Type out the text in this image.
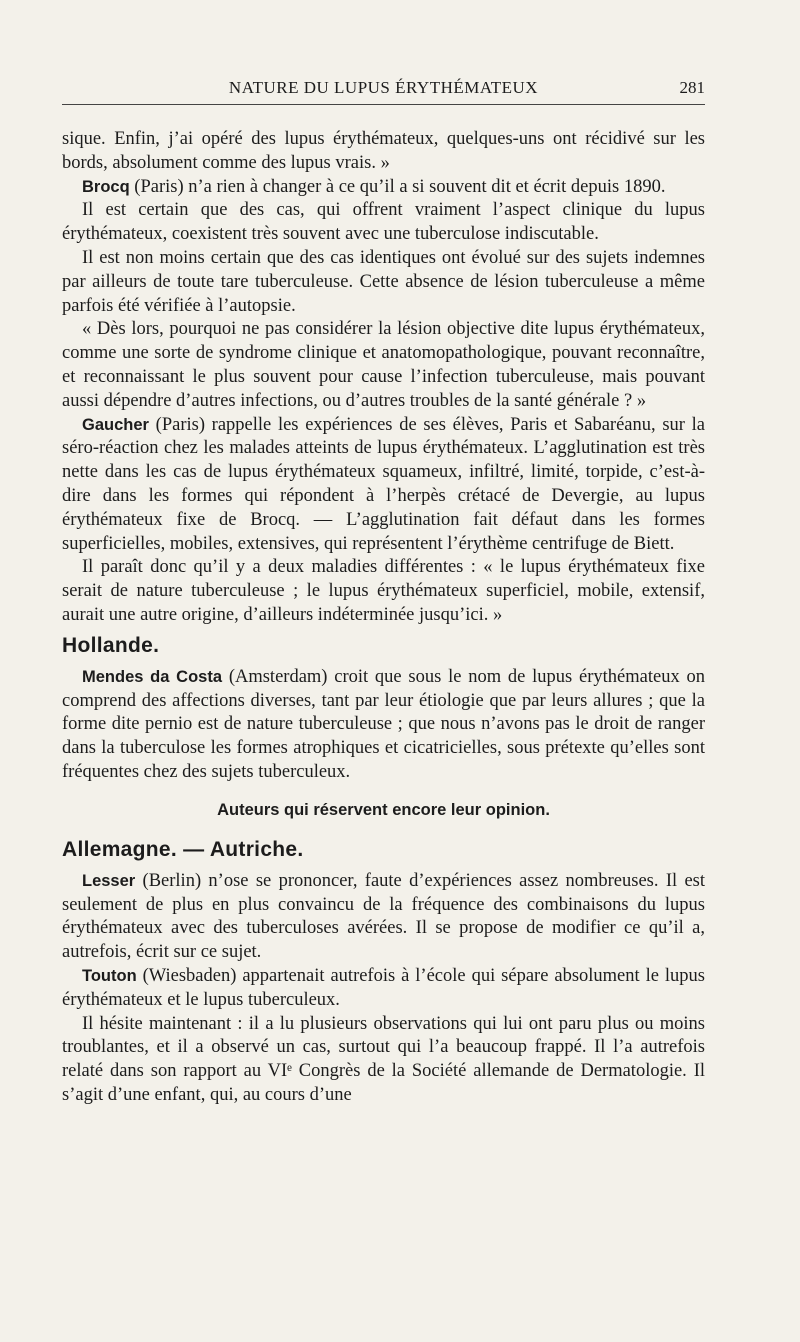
NATURE DU LUPUS ÉRYTHÉMATEUX	281

sique. Enfin, j’ai opéré des lupus érythémateux, quelques-uns ont récidivé sur les bords, absolument comme des lupus vrais. »

Brocq (Paris) n’a rien à changer à ce qu’il a si souvent dit et écrit depuis 1890.

Il est certain que des cas, qui offrent vraiment l’aspect clinique du lupus érythémateux, coexistent très souvent avec une tuberculose indiscutable.

Il est non moins certain que des cas identiques ont évolué sur des sujets indemnes par ailleurs de toute tare tuberculeuse. Cette absence de lésion tuberculeuse a même parfois été vérifiée à l’autopsie.

« Dès lors, pourquoi ne pas considérer la lésion objective dite lupus érythémateux, comme une sorte de syndrome clinique et anatomopathologique, pouvant reconnaître, et reconnaissant le plus souvent pour cause l’infection tuberculeuse, mais pouvant aussi dépendre d’autres infections, ou d’autres troubles de la santé générale ? »

Gaucher (Paris) rappelle les expériences de ses élèves, Paris et Sabaréanu, sur la séro-réaction chez les malades atteints de lupus érythémateux. L’agglutination est très nette dans les cas de lupus érythémateux squameux, infiltré, limité, torpide, c’est-à-dire dans les formes qui répondent à l’herpès crétacé de Devergie, au lupus érythémateux fixe de Brocq. — L’agglutination fait défaut dans les formes superficielles, mobiles, extensives, qui représentent l’érythème centrifuge de Biett.

Il paraît donc qu’il y a deux maladies différentes : « le lupus érythémateux fixe serait de nature tuberculeuse ; le lupus érythémateux superficiel, mobile, extensif, aurait une autre origine, d’ailleurs indéterminée jusqu’ici. »

Hollande.

Mendes da Costa (Amsterdam) croit que sous le nom de lupus érythémateux on comprend des affections diverses, tant par leur étiologie que par leurs allures ; que la forme dite pernio est de nature tuberculeuse ; que nous n’avons pas le droit de ranger dans la tuberculose les formes atrophiques et cicatricielles, sous prétexte qu’elles sont fréquentes chez des sujets tuberculeux.

Auteurs qui réservent encore leur opinion.
Allemagne. — Autriche.

Lesser (Berlin) n’ose se prononcer, faute d’expériences assez nombreuses. Il est seulement de plus en plus convaincu de la fréquence des combinaisons du lupus érythémateux avec des tuberculoses avérées. Il se propose de modifier ce qu’il a, autrefois, écrit sur ce sujet.

Touton (Wiesbaden) appartenait autrefois à l’école qui sépare absolument le lupus érythémateux et le lupus tuberculeux.

Il hésite maintenant : il a lu plusieurs observations qui lui ont paru plus ou moins troublantes, et il a observé un cas, surtout qui l’a beaucoup frappé. Il l’a autrefois relaté dans son rapport au VIᵉ Congrès de la Société allemande de Dermatologie. Il s’agit d’une enfant, qui, au cours d’une
